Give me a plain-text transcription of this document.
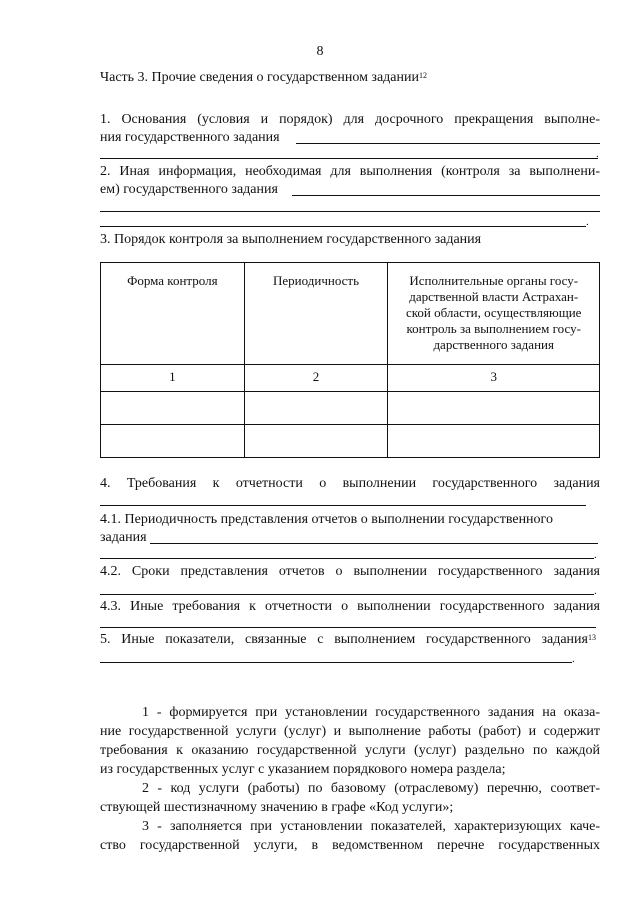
8
Часть 3. Прочие сведения о государственном задании$^{12}$
1. Основания (условия и порядок) для досрочного прекращения выполне-
ния государственного задания
.
2. Иная информация, необходимая для выполнения (контроля за выполнени-
ем) государственного задания
.
3. Порядок контроля за выполнением государственного задания
Форма контроля	Периодичность	Исполнительные органы госу-
дарственной власти Астрахан-
ской области, осуществляющие
контроль за выполнением госу-
дарственного задания

1	2	3

4. Требования к отчетности о выполнении государственного задания
4.1. Периодичность представления отчетов о выполнении государственного
задания
.
4.2. Сроки представления отчетов о выполнении государственного задания
.
4.3. Иные требования к отчетности о выполнении государственного задания
5. Иные показатели, связанные с выполнением государственного задания$^{13}$
.
1 - формируется при установлении государственного задания на оказа-
ние государственной услуги (услуг) и выполнение работы (работ) и содержит
требования к оказанию государственной услуги (услуг) раздельно по каждой
из государственных услуг с указанием порядкового номера раздела;
2 - код услуги (работы) по базовому (отраслевому) перечню, соответ-
ствующей шестизначному значению в графе «Код услуги»;
3 - заполняется при установлении показателей, характеризующих каче-
ство государственной услуги, в ведомственном перечне государственных
